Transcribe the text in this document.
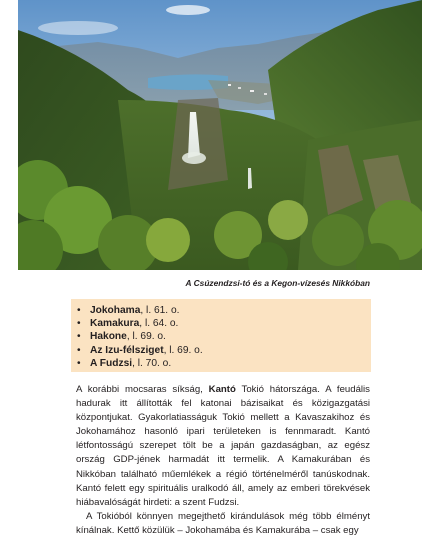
A Csúzendzsi-tó és a Kegon-vízesés Nikkóban
• Jokohama, l. 61. o.
• Kamakura, l. 64. o.
• Hakone, l. 69. o.
• Az Izu-félsziget, l. 69. o.
• A Fudzsi, l. 70. o.

A korábbi mocsaras síkság, Kantó Tokió hátországa. A feudális hadurak itt állították fel katonai bázisaikat és közigazgatási központjukat. Gyakorlatiasságuk Tokió mellett a Kavaszakihoz és Jokohamához hasonló ipari területeken is fennmaradt. Kantó létfontosságú szerepet tölt be a japán gazdaságban, az egész ország GDP-jének harmadát itt termelik. A Kamakurában és Nikkóban található műemlékek a régió történelméről tanúskodnak. Kantó felett egy spirituális uralkodó áll, amely az emberi törekvések hiábavalóságát hirdeti: a szent Fudzsi.

A Tokióból könnyen megejthető kirándulások még több élményt kínálnak. Kettő közülük – Jokohamába és Kamakurába – csak egy
